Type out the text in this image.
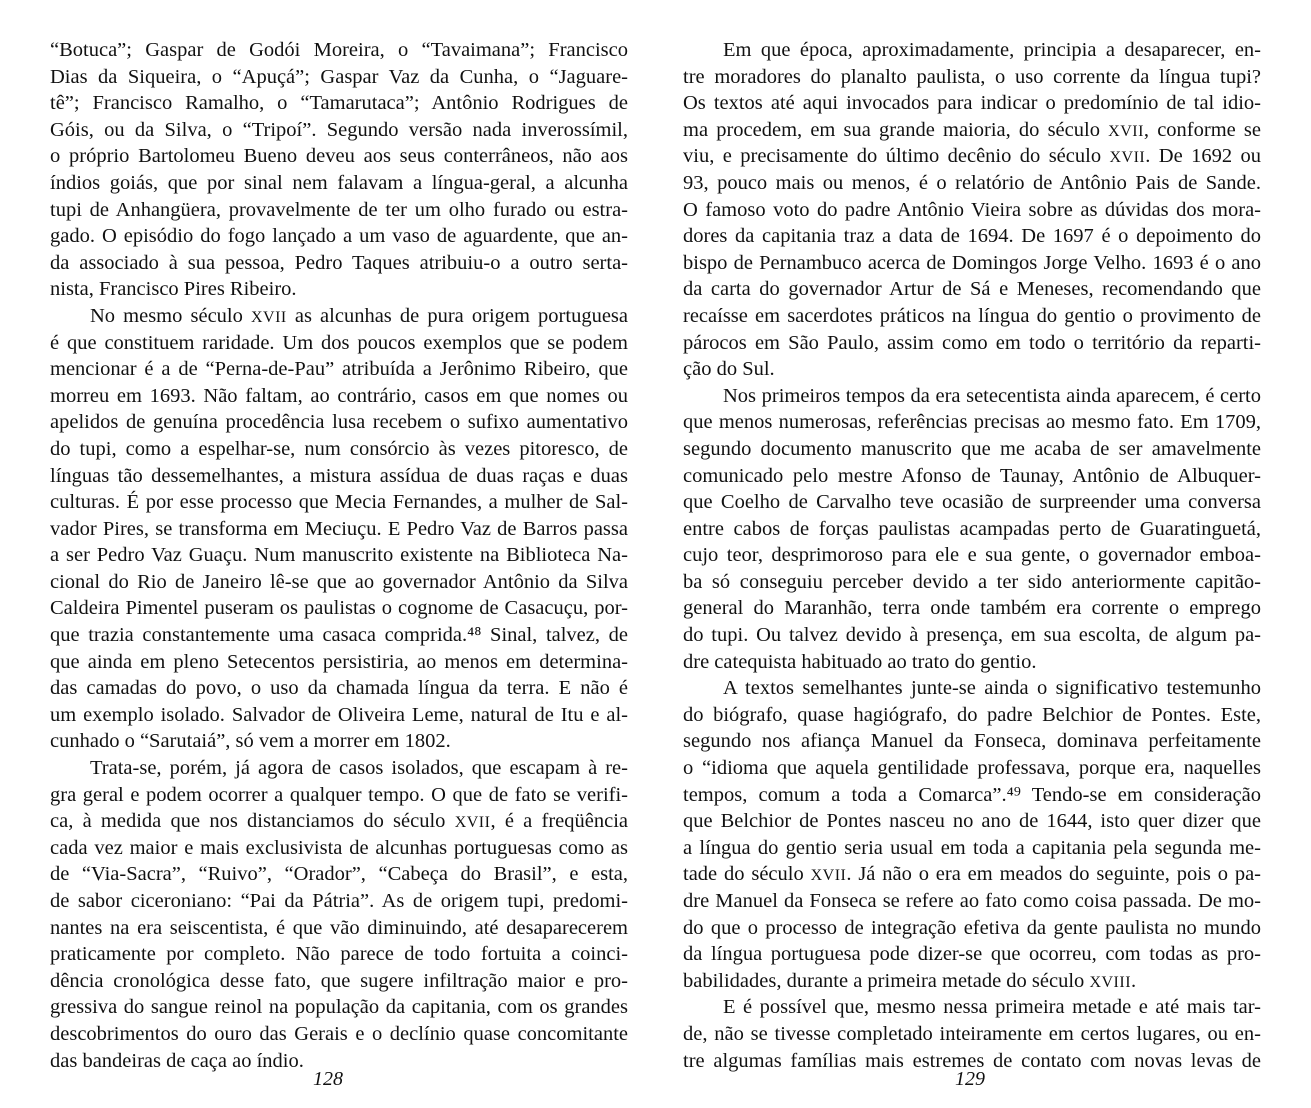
“Botuca”; Gaspar de Godói Moreira, o “Tavaimana”; Francisco
Dias da Siqueira, o “Apuçá”; Gaspar Vaz da Cunha, o “Jaguare-
tê”; Francisco Ramalho, o “Tamarutaca”; Antônio Rodrigues de
Góis, ou da Silva, o “Tripoí”. Segundo versão nada inverossímil,
o próprio Bartolomeu Bueno deveu aos seus conterrâneos, não aos
índios goiás, que por sinal nem falavam a língua-geral, a alcunha
tupi de Anhangüera, provavelmente de ter um olho furado ou estra-
gado. O episódio do fogo lançado a um vaso de aguardente, que an-
da associado à sua pessoa, Pedro Taques atribuiu-o a outro serta-
nista, Francisco Pires Ribeiro.
No mesmo século XVII as alcunhas de pura origem portuguesa
é que constituem raridade. Um dos poucos exemplos que se podem
mencionar é a de “Perna-de-Pau” atribuída a Jerônimo Ribeiro, que
morreu em 1693. Não faltam, ao contrário, casos em que nomes ou
apelidos de genuína procedência lusa recebem o sufixo aumentativo
do tupi, como a espelhar-se, num consórcio às vezes pitoresco, de
línguas tão dessemelhantes, a mistura assídua de duas raças e duas
culturas. É por esse processo que Mecia Fernandes, a mulher de Sal-
vador Pires, se transforma em Meciuçu. E Pedro Vaz de Barros passa
a ser Pedro Vaz Guaçu. Num manuscrito existente na Biblioteca Na-
cional do Rio de Janeiro lê-se que ao governador Antônio da Silva
Caldeira Pimentel puseram os paulistas o cognome de Casacuçu, por-
que trazia constantemente uma casaca comprida.⁴⁸ Sinal, talvez, de
que ainda em pleno Setecentos persistiria, ao menos em determina-
das camadas do povo, o uso da chamada língua da terra. E não é
um exemplo isolado. Salvador de Oliveira Leme, natural de Itu e al-
cunhado o “Sarutaiá”, só vem a morrer em 1802.
Trata-se, porém, já agora de casos isolados, que escapam à re-
gra geral e podem ocorrer a qualquer tempo. O que de fato se verifi-
ca, à medida que nos distanciamos do século XVII, é a freqüência
cada vez maior e mais exclusivista de alcunhas portuguesas como as
de “Via-Sacra”, “Ruivo”, “Orador”, “Cabeça do Brasil”, e esta,
de sabor ciceroniano: “Pai da Pátria”. As de origem tupi, predomi-
nantes na era seiscentista, é que vão diminuindo, até desaparecerem
praticamente por completo. Não parece de todo fortuita a coinci-
dência cronológica desse fato, que sugere infiltração maior e pro-
gressiva do sangue reinol na população da capitania, com os grandes
descobrimentos do ouro das Gerais e o declínio quase concomitante
das bandeiras de caça ao índio.
128
Em que época, aproximadamente, principia a desaparecer, en-
tre moradores do planalto paulista, o uso corrente da língua tupi?
Os textos até aqui invocados para indicar o predomínio de tal idio-
ma procedem, em sua grande maioria, do século XVII, conforme se
viu, e precisamente do último decênio do século XVII. De 1692 ou
93, pouco mais ou menos, é o relatório de Antônio Pais de Sande.
O famoso voto do padre Antônio Vieira sobre as dúvidas dos mora-
dores da capitania traz a data de 1694. De 1697 é o depoimento do
bispo de Pernambuco acerca de Domingos Jorge Velho. 1693 é o ano
da carta do governador Artur de Sá e Meneses, recomendando que
recaísse em sacerdotes práticos na língua do gentio o provimento de
párocos em São Paulo, assim como em todo o território da reparti-
ção do Sul.
Nos primeiros tempos da era setecentista ainda aparecem, é certo
que menos numerosas, referências precisas ao mesmo fato. Em 1709,
segundo documento manuscrito que me acaba de ser amavelmente
comunicado pelo mestre Afonso de Taunay, Antônio de Albuquer-
que Coelho de Carvalho teve ocasião de surpreender uma conversa
entre cabos de forças paulistas acampadas perto de Guaratinguetá,
cujo teor, desprimoroso para ele e sua gente, o governador emboa-
ba só conseguiu perceber devido a ter sido anteriormente capitão-
general do Maranhão, terra onde também era corrente o emprego
do tupi. Ou talvez devido à presença, em sua escolta, de algum pa-
dre catequista habituado ao trato do gentio.
A textos semelhantes junte-se ainda o significativo testemunho
do biógrafo, quase hagiógrafo, do padre Belchior de Pontes. Este,
segundo nos afiança Manuel da Fonseca, dominava perfeitamente
o “idioma que aquela gentilidade professava, porque era, naquelles
tempos, comum a toda a Comarca”.⁴⁹ Tendo-se em consideração
que Belchior de Pontes nasceu no ano de 1644, isto quer dizer que
a língua do gentio seria usual em toda a capitania pela segunda me-
tade do século XVII. Já não o era em meados do seguinte, pois o pa-
dre Manuel da Fonseca se refere ao fato como coisa passada. De mo-
do que o processo de integração efetiva da gente paulista no mundo
da língua portuguesa pode dizer-se que ocorreu, com todas as pro-
babilidades, durante a primeira metade do século XVIII.
E é possível que, mesmo nessa primeira metade e até mais tar-
de, não se tivesse completado inteiramente em certos lugares, ou en-
tre algumas famílias mais estremes de contato com novas levas de
129
